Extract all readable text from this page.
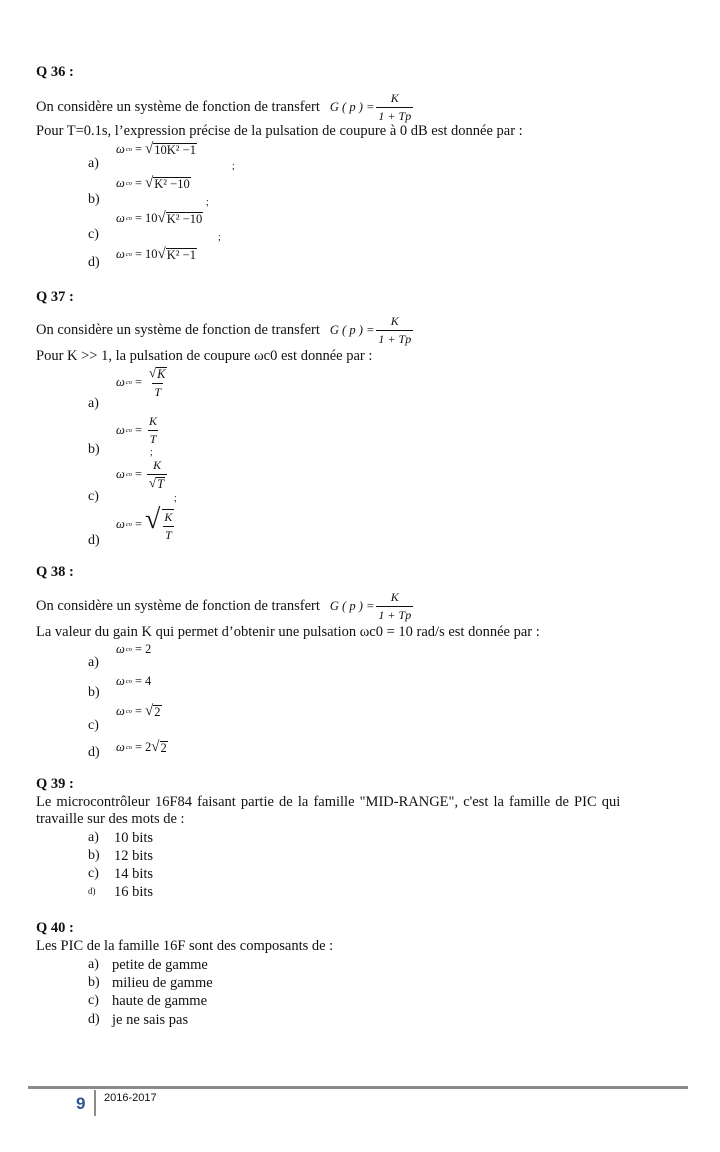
Q 36 :
On considère un système de fonction de transfert G ( p ) = $\frac{K}{1 + Tp}$
Pour T=0.1s, l’expression précise de la pulsation de coupure à 0 dB est donnée par :
a)
ω co = √ 10K² −1
;
b)
ω co = √ K² −10
;
c)
ω co = 10 √ K² −10
;
d)
ω co = 10 √ K² −1
Q 37 :
On considère un système de fonction de transfert G ( p ) = $\frac{K}{1 + Tp}$
Pour K >> 1, la pulsation de coupure ωc0 est donnée par :
a)
ω co = $\frac{√ K}{T}$
b)
ω co = $\frac{K}{T}$
;
c)
ω co = $\frac{K}{√ T}$
;
d)
ω co = √ $\frac{K}{T}$
Q 38 :
On considère un système de fonction de transfert G ( p ) = $\frac{K}{1 + Tp}$
La valeur du gain K qui permet d’obtenir une pulsation ωc0 = 10 rad/s est donnée par :
a)
ω co = 2
b)
ω co = 4
c)
ω co = √ 2
d) ω co = 2 √ 2
Q 39 :
Le microcontrôleur 16F84 faisant partie de la famille "MID-RANGE", c'est la famille de PIC qui
travaille sur des mots de :
a) 10 bits
b) 12 bits
c) 14 bits
d) 16 bits
Q 40 :
Les PIC de la famille 16F sont des composants de :
a) petite de gamme
b) milieu de gamme
c) haute de gamme
d) je ne sais pas
9 2016-2017
